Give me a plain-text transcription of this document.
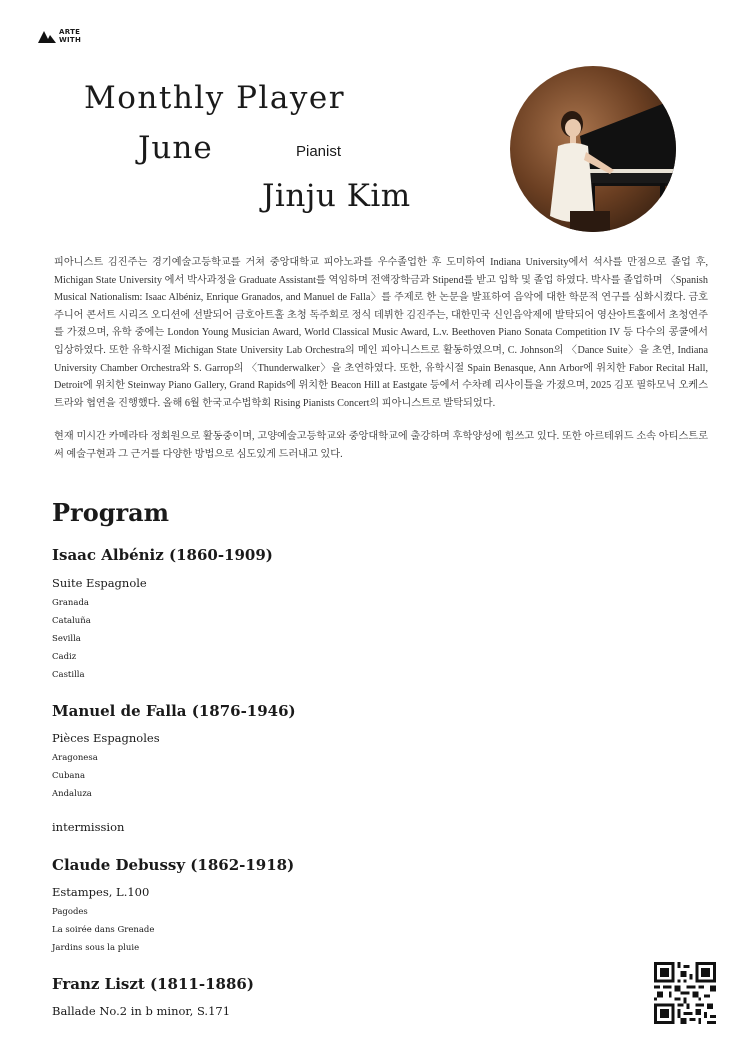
ARTE
WITH
Monthly Player
June	Pianist
Jinju Kim

피아니스트 김진주는 경기예술고등학교를 거쳐 중앙대학교 피아노과를 우수졸업한 후 도미하여 Indiana University에서 석사를 만점으로 졸업 후, Michigan State University 에서 박사과정을 Graduate Assistant를 역임하며 전액장학금과 Stipend를 받고 입학 및 졸업 하였다. 박사를 졸업하며 〈Spanish Musical Nationalism: Isaac Albéniz, Enrique Granados, and Manuel de Falla〉를 주제로 한 논문을 발표하여 음악에 대한 학문적 연구를 심화시켰다. 금호 주니어 콘서트 시리즈 오디션에 선발되어 금호아트홀 초청 독주회로 정식 데뷔한 김진주는, 대한민국 신인음악제에 발탁되어 영산아트홀에서 초청연주를 가졌으며, 유학 중에는 London Young Musician Award, World Classical Music Award, L.v. Beethoven Piano Sonata Competition IV 등 다수의 콩쿨에서 입상하였다. 또한 유학시절 Michigan State University Lab Orchestra의 메인 피아니스트로 활동하였으며, C. Johnson의 〈Dance Suite〉을 초연, Indiana University Chamber Orchestra와 S. Garrop의 〈Thunderwalker〉을 초연하였다. 또한, 유학시절 Spain Benasque, Ann Arbor에 위치한 Fabor Recital Hall, Detroit에 위치한 Steinway Piano Gallery, Grand Rapids에 위치한 Beacon Hill at Eastgate 등에서 수차례 리사이틀을 가졌으며, 2025 김포 필하모닉 오케스트라와 협연을 진행했다. 올해 6월 한국교수법학회 Rising Pianists Concert의 피아니스트로 발탁되었다.

현재 미시간 카메라타 정회원으로 활동중이며, 고양예술고등학교와 중앙대학교에 출강하며 후학양성에 힘쓰고 있다. 또한 아르테위드 소속 아티스트로써 예술구현과 그 근거를 다양한 방법으로 심도있게 드러내고 있다.

Program
Isaac Albéniz (1860-1909)
Suite Espagnole
Granada
Cataluña
Sevilla
Cadiz
Castilla
Manuel de Falla (1876-1946)
Pièces Espagnoles
Aragonesa
Cubana
Andaluza
intermission
Claude Debussy (1862-1918)
Estampes, L.100
Pagodes
La soirée dans Grenade
Jardins sous la pluie
Franz Liszt (1811-1886)
Ballade No.2 in b minor, S.171
